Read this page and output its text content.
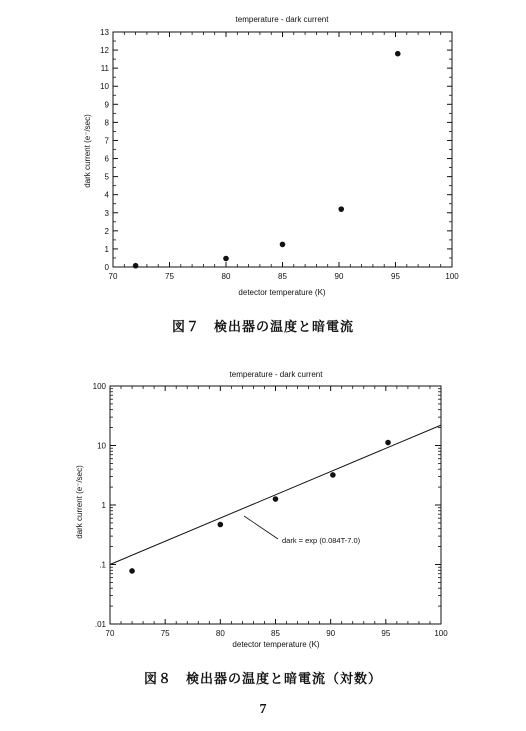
temperature - dark current
detector temperature (K)
dark current (e⁻/sec)
70	75	80	85	90	95	100
0
1
2
3
4
5
6
7
8
9
10
11
12
13
図７　検出器の温度と暗電流
temperature - dark current
detector temperature (K)
dark current (e⁻/sec)
70	75	80	85	90	95	100
.01
.1
1
10
100
dark = exp (0.084T-7.0)
図８　検出器の温度と暗電流（対数）
7
